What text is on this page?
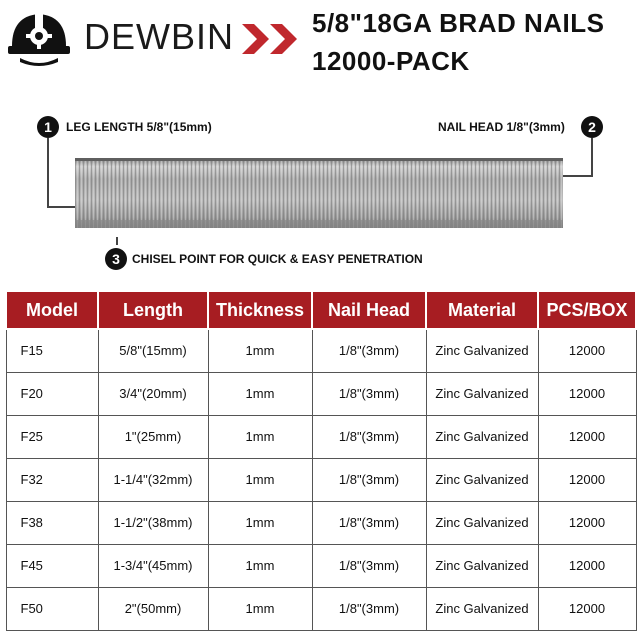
DEWBIN	5/8"18GA BRAD NAILS
12000-PACK
1	LEG LENGTH 5/8"(15mm)	NAIL HEAD 1/8"(3mm)	2
3	CHISEL POINT FOR QUICK & EASY PENETRATION
Model	Length	Thickness	Nail Head	Material	PCS/BOX
F15	5/8"(15mm)	1mm	1/8"(3mm)	Zinc Galvanized	12000
F20	3/4"(20mm)	1mm	1/8"(3mm)	Zinc Galvanized	12000
F25	1"(25mm)	1mm	1/8"(3mm)	Zinc Galvanized	12000
F32	1-1/4"(32mm)	1mm	1/8"(3mm)	Zinc Galvanized	12000
F38	1-1/2"(38mm)	1mm	1/8"(3mm)	Zinc Galvanized	12000
F45	1-3/4"(45mm)	1mm	1/8"(3mm)	Zinc Galvanized	12000
F50	2"(50mm)	1mm	1/8"(3mm)	Zinc Galvanized	12000
